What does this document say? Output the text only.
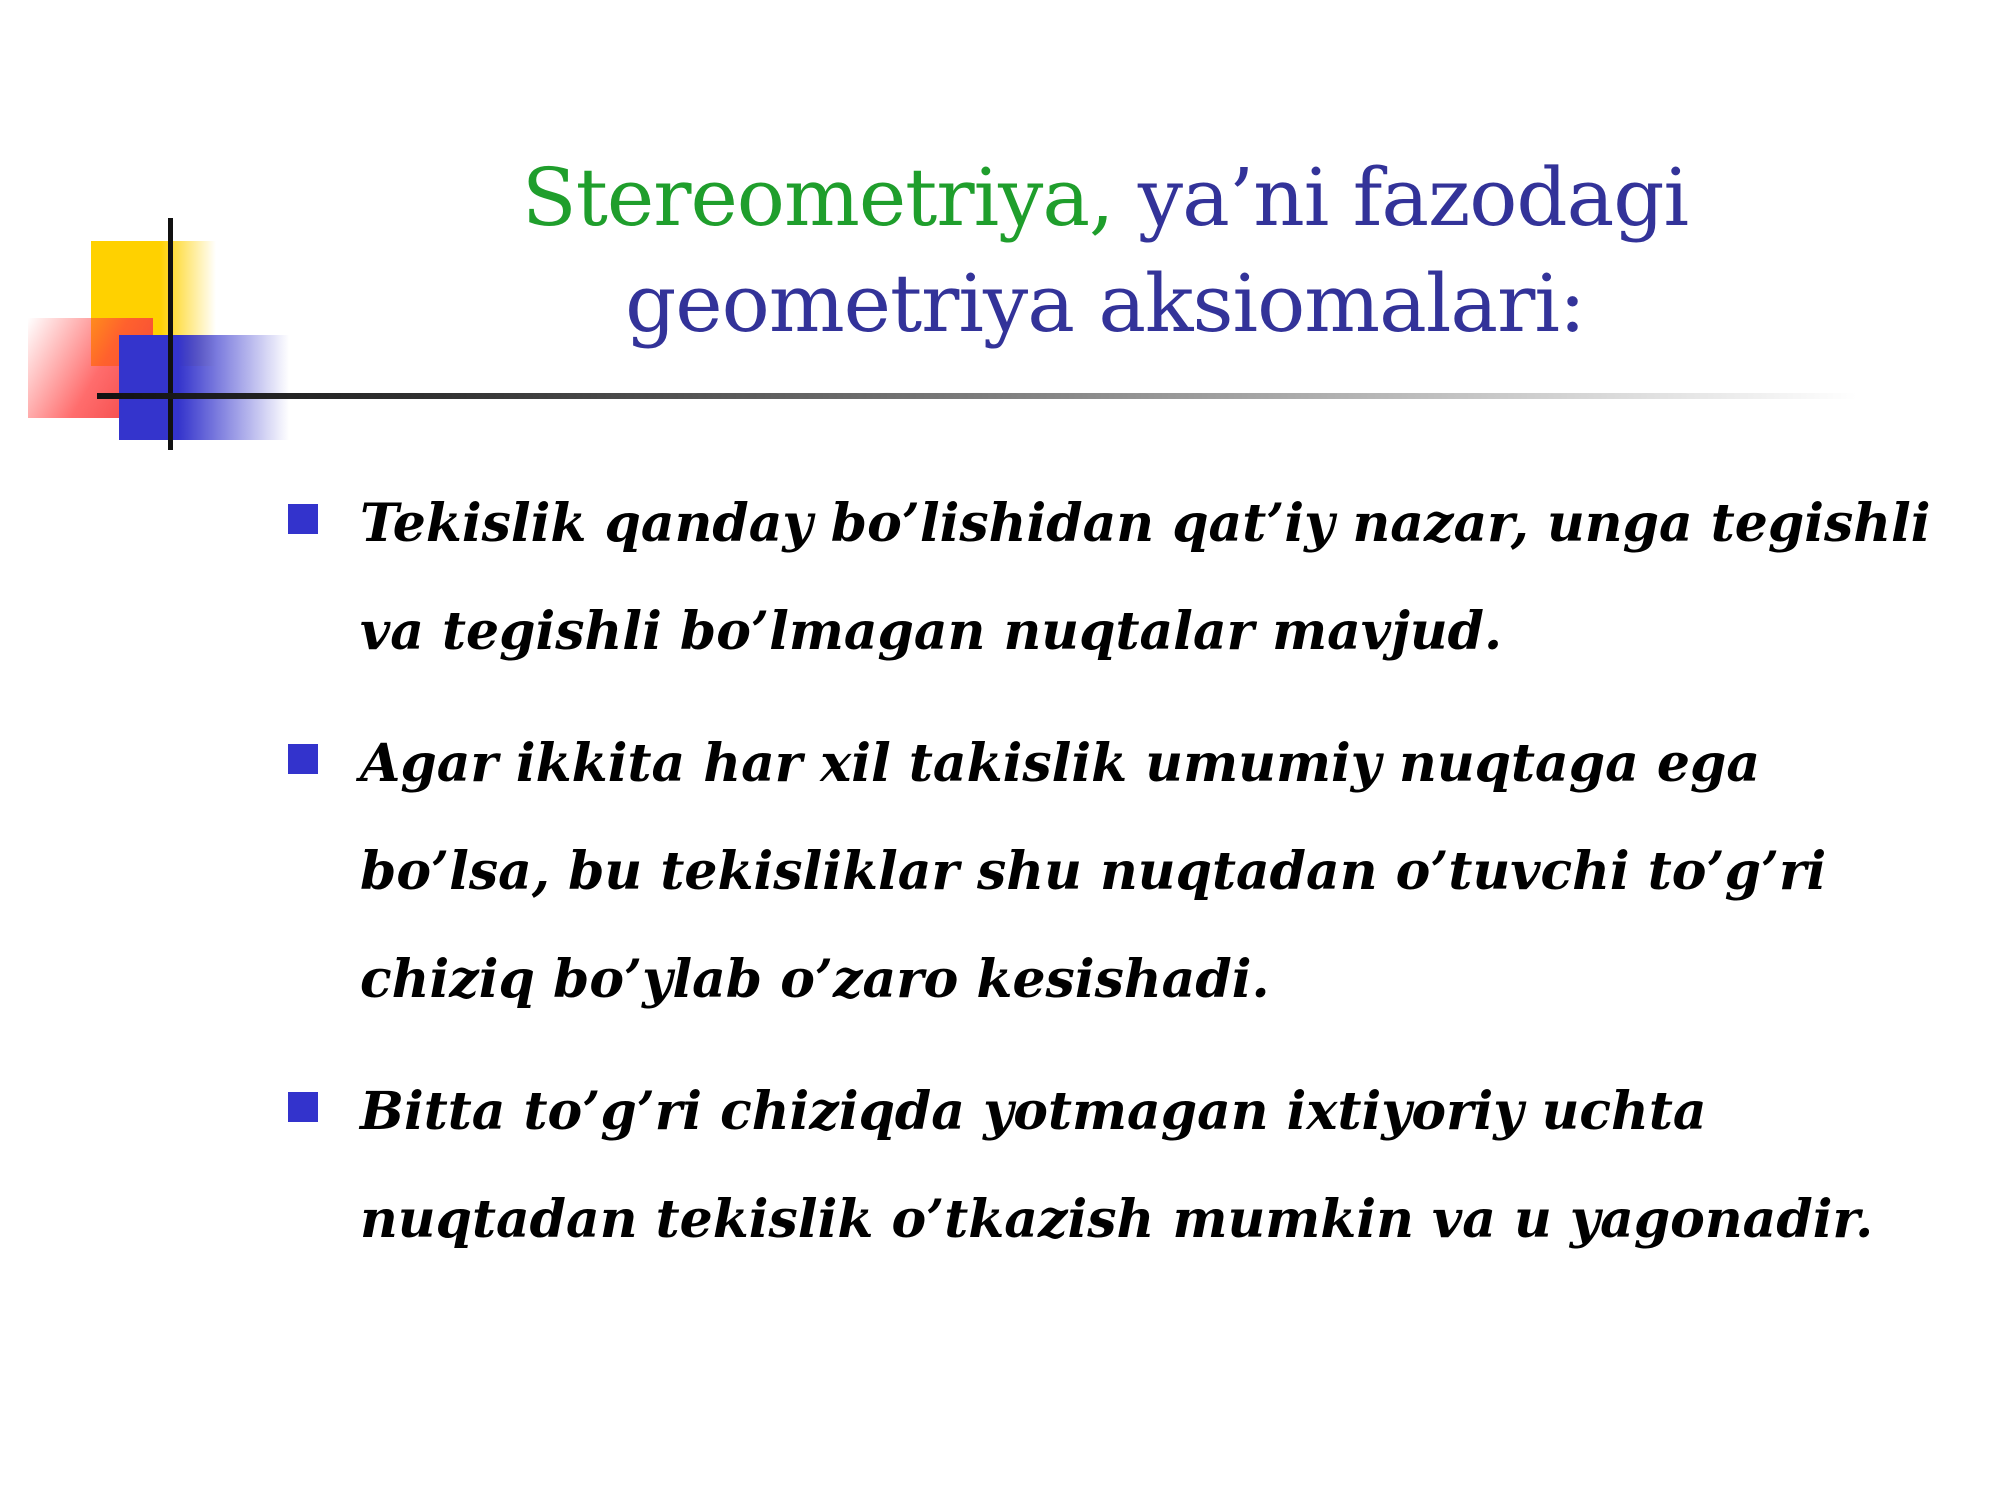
Stereometriya, ya’ni fazodagi geometriya aksiomalari:
Tekislik qanday bo’lishidan qat’iy nazar, unga tegishli va tegishli bo’lmagan nuqtalar mavjud.
Agar ikkita har xil takislik umumiy nuqtaga ega bo’lsa, bu tekisliklar shu nuqtadan o’tuvchi to’g’ri chiziq bo’ylab o’zaro kesishadi.
Bitta to’g’ri chiziqda yotmagan ixtiyoriy uchta nuqtadan tekislik o’tkazish mumkin va u yagonadir.
